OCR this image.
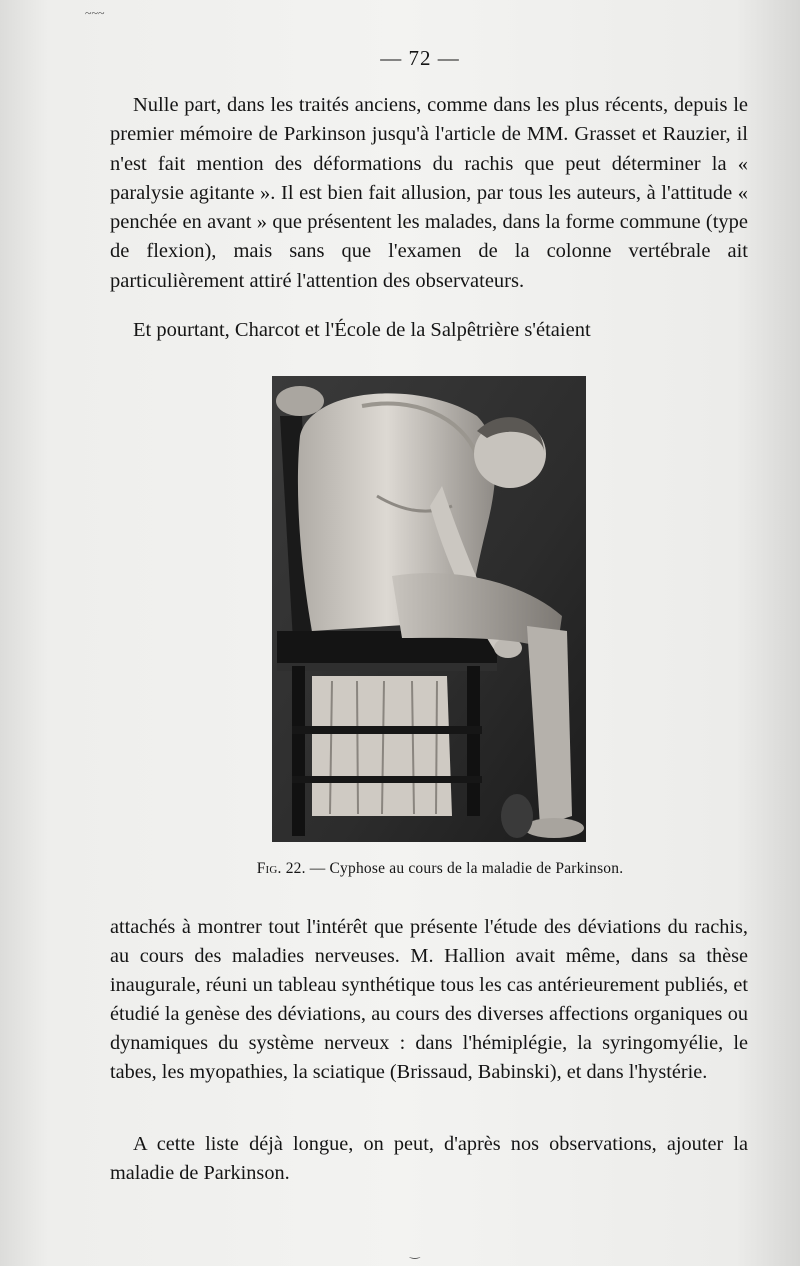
~~~
— 72 —

Nulle part, dans les traités anciens, comme dans les plus récents, depuis le premier mémoire de Parkinson jusqu'à l'article de MM. Grasset et Rauzier, il n'est fait mention des déformations du rachis que peut déterminer la « paralysie agitante ». Il est bien fait allusion, par tous les auteurs, à l'attitude « penchée en avant » que présentent les malades, dans la forme commune (type de flexion), mais sans que l'examen de la colonne vertébrale ait particulièrement attiré l'attention des observateurs.

Et pourtant, Charcot et l'École de la Salpêtrière s'étaient

Fig. 22. — Cyphose au cours de la maladie de Parkinson.

attachés à montrer tout l'intérêt que présente l'étude des déviations du rachis, au cours des maladies nerveuses. M. Hallion avait même, dans sa thèse inaugurale, réuni un tableau synthétique tous les cas antérieurement publiés, et étudié la genèse des déviations, au cours des diverses affections organiques ou dynamiques du système nerveux : dans l'hémiplégie, la syringomyélie, le tabes, les myopathies, la sciatique (Brissaud, Babinski), et dans l'hystérie.

A cette liste déjà longue, on peut, d'après nos observations, ajouter la maladie de Parkinson.

‿
